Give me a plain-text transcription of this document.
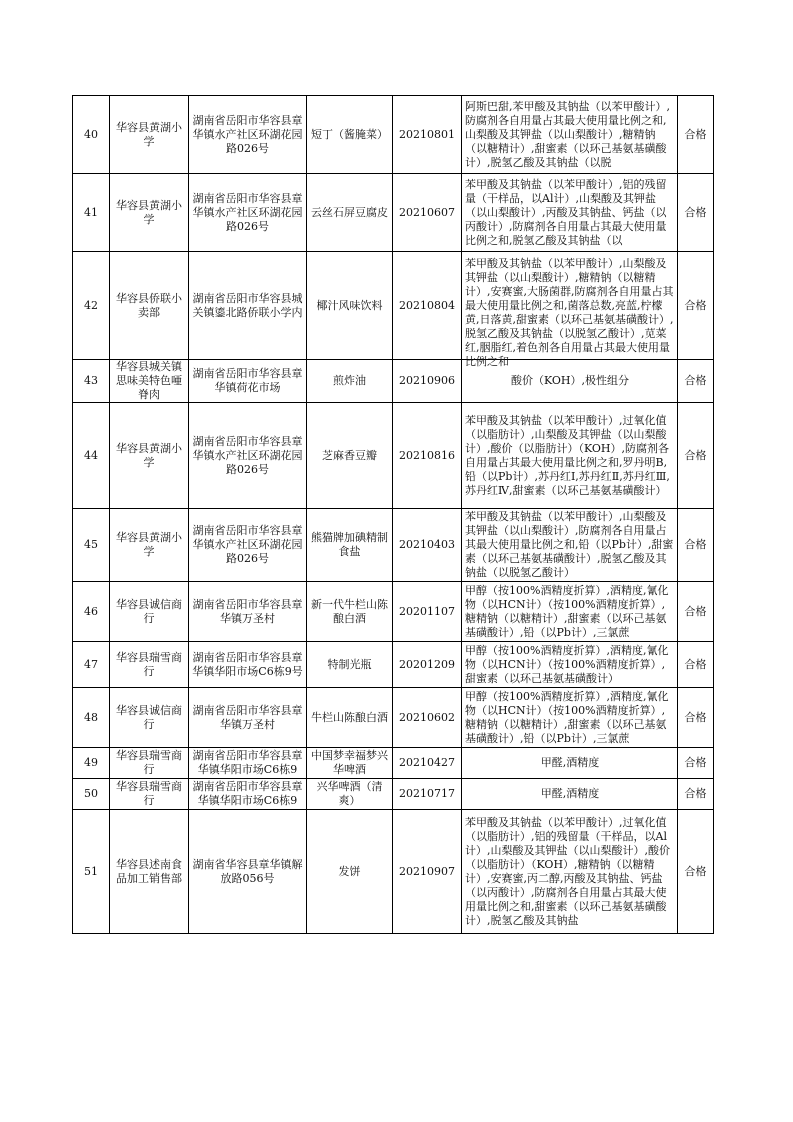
40	华容县黄湖小学	湖南省岳阳市华容县章华镇水产社区环湖花园路026号	短丁（酱腌菜）	20210801	阿斯巴甜,苯甲酸及其钠盐（以苯甲酸计）,防腐剂各自用量占其最大使用量比例之和,山梨酸及其钾盐（以山梨酸计）,糖精钠（以糖精计）,甜蜜素（以环己基氨基磺酸计）,脱氢乙酸及其钠盐（以脱	合格
41	华容县黄湖小学	湖南省岳阳市华容县章华镇水产社区环湖花园路026号	云丝石屏豆腐皮	20210607	苯甲酸及其钠盐（以苯甲酸计）,铝的残留量（干样品，以Al计）,山梨酸及其钾盐（以山梨酸计）,丙酸及其钠盐、钙盐（以丙酸计）,防腐剂各自用量占其最大使用量比例之和,脱氢乙酸及其钠盐（以	合格
42	华容县侨联小卖部	湖南省岳阳市华容县城关镇鎏北路侨联小学内	椰汁风味饮料	20210804	苯甲酸及其钠盐（以苯甲酸计）,山梨酸及其钾盐（以山梨酸计）,糖精钠（以糖精计）,安赛蜜,大肠菌群,防腐剂各自用量占其最大使用量比例之和,菌落总数,亮蓝,柠檬黄,日落黄,甜蜜素（以环己基氨基磺酸计）,脱氢乙酸及其钠盐（以脱氢乙酸计）,苋菜红,胭脂红,着色剂各自用量占其最大使用量比例之和	合格
43	华容县城关镇思味美特色唖脊肉	湖南省岳阳市华容县章华镇荷花市场	煎炸油	20210906	酸价（KOH）,极性组分	合格
44	华容县黄湖小学	湖南省岳阳市华容县章华镇水产社区环湖花园路026号	芝麻香豆瓣	20210816	苯甲酸及其钠盐（以苯甲酸计）,过氧化值（以脂肪计）,山梨酸及其钾盐（以山梨酸计）,酸价（以脂肪计）（KOH）,防腐剂各自用量占其最大使用量比例之和,罗丹明B,铅（以Pb计）,苏丹红Ⅰ,苏丹红Ⅱ,苏丹红Ⅲ,苏丹红Ⅳ,甜蜜素（以环己基氨基磺酸计）	合格
45	华容县黄湖小学	湖南省岳阳市华容县章华镇水产社区环湖花园路026号	熊猫牌加碘精制食盐	20210403	苯甲酸及其钠盐（以苯甲酸计）,山梨酸及其钾盐（以山梨酸计）,防腐剂各自用量占其最大使用量比例之和,铅（以Pb计）,甜蜜素（以环己基氨基磺酸计）,脱氢乙酸及其钠盐（以脱氢乙酸计）	合格
46	华容县诚信商行	湖南省岳阳市华容县章华镇万圣村	新一代牛栏山陈酿白酒	20201107	甲醇（按100%酒精度折算）,酒精度,氰化物（以HCN计）（按100%酒精度折算）,糖精钠（以糖精计）,甜蜜素（以环己基氨基磺酸计）,铅（以Pb计）,三氯蔗	合格
47	华容县瑞雪商行	湖南省岳阳市华容县章华镇华阳市场C6栋9号	特制光瓶	20201209	甲醇（按100%酒精度折算）,酒精度,氰化物（以HCN计）（按100%酒精度折算）,甜蜜素（以环己基氨基磺酸计）	合格
48	华容县诚信商行	湖南省岳阳市华容县章华镇万圣村	牛栏山陈酿白酒	20210602	甲醇（按100%酒精度折算）,酒精度,氰化物（以HCN计）（按100%酒精度折算）,糖精钠（以糖精计）,甜蜜素（以环己基氨基磺酸计）,铅（以Pb计）,三氯蔗	合格
49	华容县瑞雪商行	湖南省岳阳市华容县章华镇华阳市场C6栋9	中国梦幸福梦兴华啤酒	20210427	甲醛,酒精度	合格
50	华容县瑞雪商行	湖南省岳阳市华容县章华镇华阳市场C6栋9	兴华啤酒（清爽）	20210717	甲醛,酒精度	合格
51	华容县述南食品加工销售部	湖南省华容县章华镇解放路056号	发饼	20210907	苯甲酸及其钠盐（以苯甲酸计）,过氧化值（以脂肪计）,铝的残留量（干样品，以Al计）,山梨酸及其钾盐（以山梨酸计）,酸价（以脂肪计）（KOH）,糖精钠（以糖精计）,安赛蜜,丙二醇,丙酸及其钠盐、钙盐（以丙酸计）,防腐剂各自用量占其最大使用量比例之和,甜蜜素（以环己基氨基磺酸计）,脱氢乙酸及其钠盐	合格
